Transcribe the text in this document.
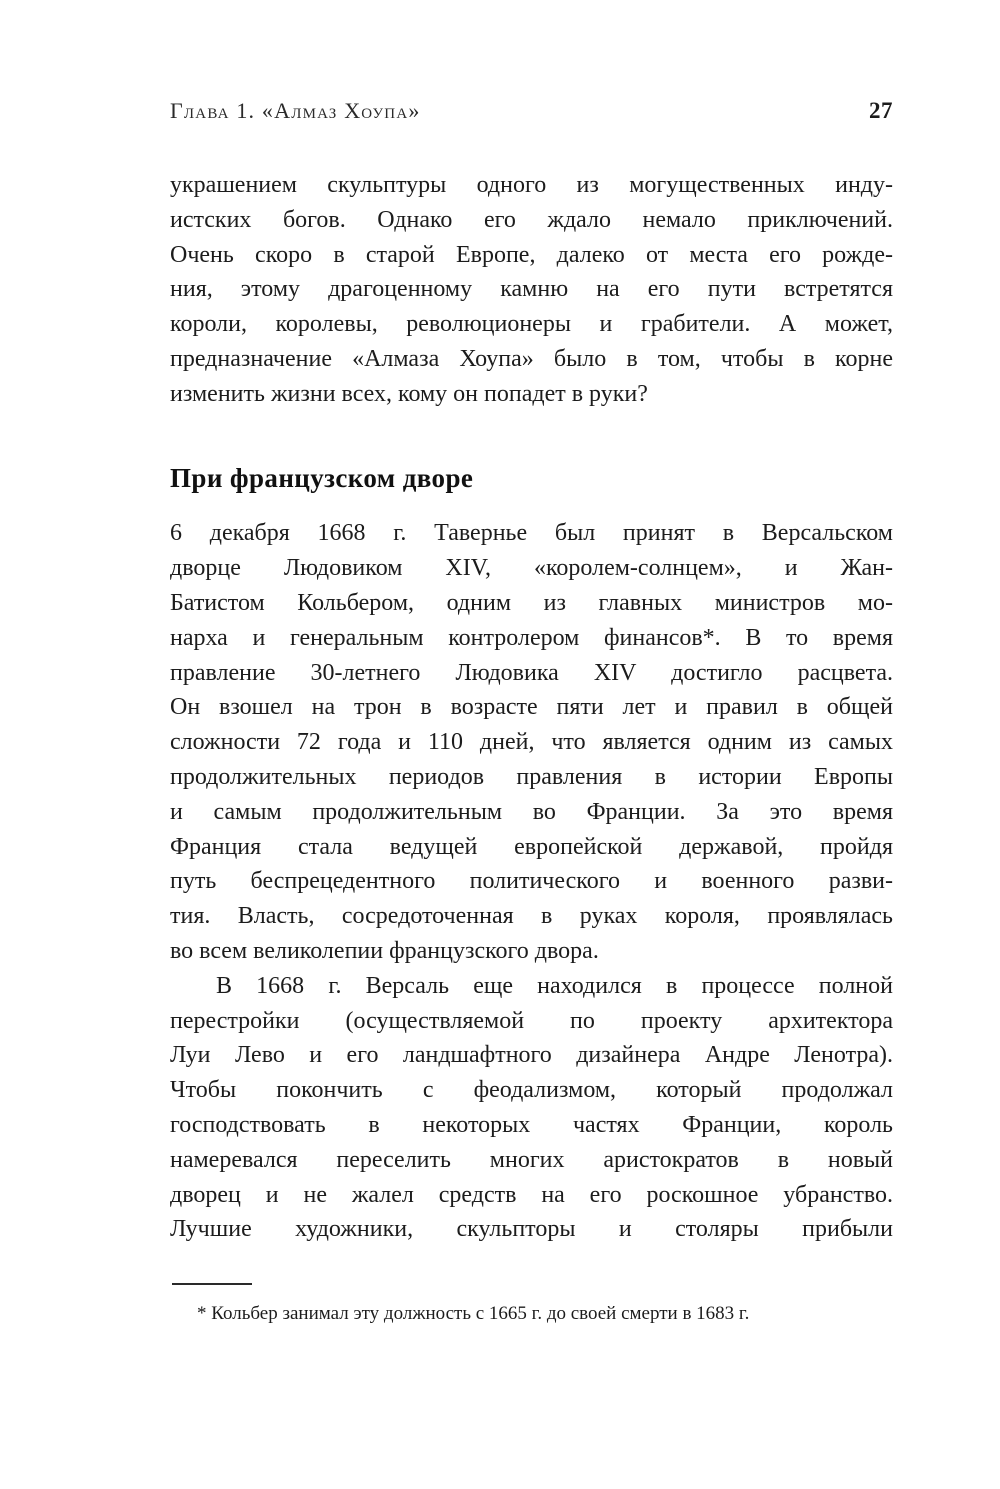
Глава 1. «Алмаз Хоупа»	27
украшением скульптуры одного из могущественных инду-
истских богов. Однако его ждало немало приключений.
Очень скоро в старой Европе, далеко от места его рожде-
ния, этому драгоценному камню на его пути встретятся
короли, королевы, революционеры и грабители. А может,
предназначение «Алмаза Хоупа» было в том, чтобы в корне
изменить жизни всех, кому он попадет в руки?
При французском дворе
6 декабря 1668 г. Тавернье был принят в Версальском
дворце Людовиком XIV, «королем-солнцем», и Жан-
Батистом Кольбером, одним из главных министров мо-
нарха и генеральным контролером финансов*. В то время
правление 30-летнего Людовика XIV достигло расцвета.
Он взошел на трон в возрасте пяти лет и правил в общей
сложности 72 года и 110 дней, что является одним из самых
продолжительных периодов правления в истории Европы
и самым продолжительным во Франции. За это время
Франция стала ведущей европейской державой, пройдя
путь беспрецедентного политического и военного разви-
тия. Власть, сосредоточенная в руках короля, проявлялась
во всем великолепии французского двора.
В 1668 г. Версаль еще находился в процессе полной
перестройки (осуществляемой по проекту архитектора
Луи Лево и его ландшафтного дизайнера Андре Ленотра).
Чтобы покончить с феодализмом, который продолжал
господствовать в некоторых частях Франции, король
намеревался переселить многих аристократов в новый
дворец и не жалел средств на его роскошное убранство.
Лучшие художники, скульпторы и столяры прибыли
* Кольбер занимал эту должность с 1665 г. до своей смерти в 1683 г.
